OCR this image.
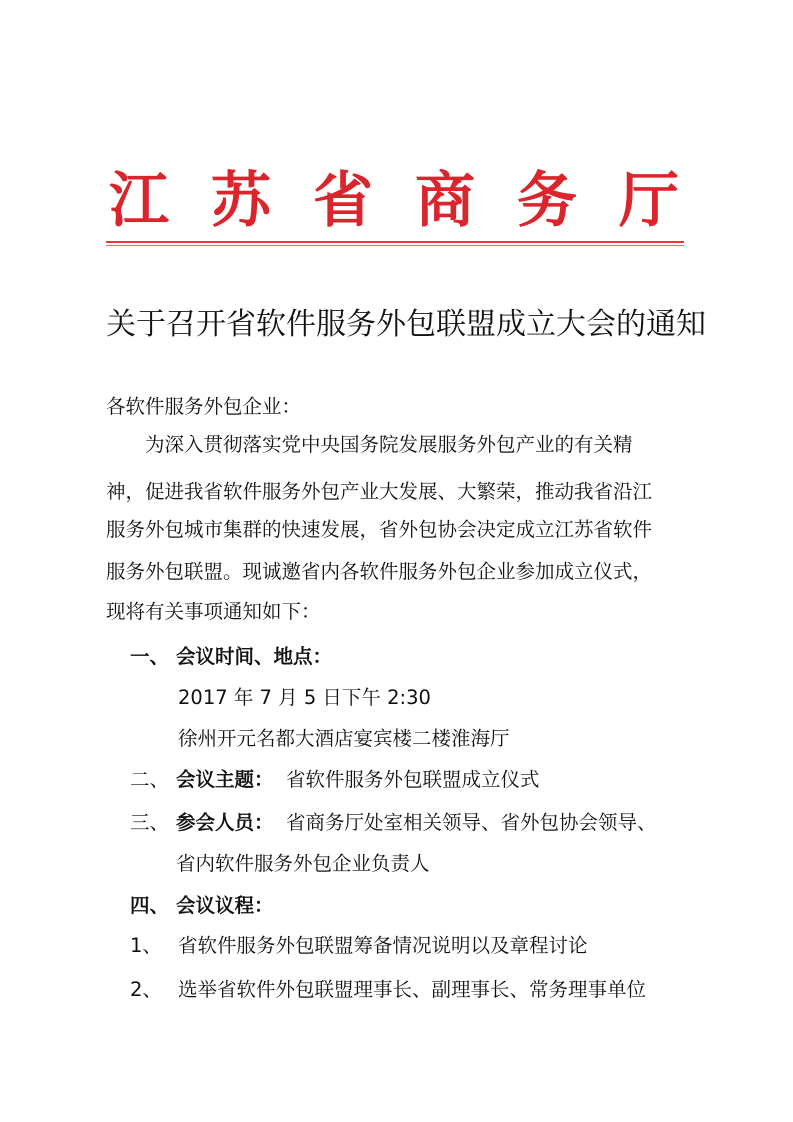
江 苏 省 商 务 厅
关于召开省软件服务外包联盟成立大会的通知
各软件服务外包企业：
为深入贯彻落实党中央国务院发展服务外包产业的有关精
神，促进我省软件服务外包产业大发展、大繁荣，推动我省沿江
服务外包城市集群的快速发展，省外包协会决定成立江苏省软件
服务外包联盟。现诚邀省内各软件服务外包企业参加成立仪式，
现将有关事项通知如下：
一、 会议时间、地点：
2017 年 7 月 5 日下午 2:30
徐州开元名都大酒店宴宾楼二楼淮海厅
二、 会议主题： 省软件服务外包联盟成立仪式
三、 参会人员： 省商务厅处室相关领导、省外包协会领导、
省内软件服务外包企业负责人
四、 会议议程：
1、 省软件服务外包联盟筹备情况说明以及章程讨论
2、 选举省软件外包联盟理事长、副理事长、常务理事单位
